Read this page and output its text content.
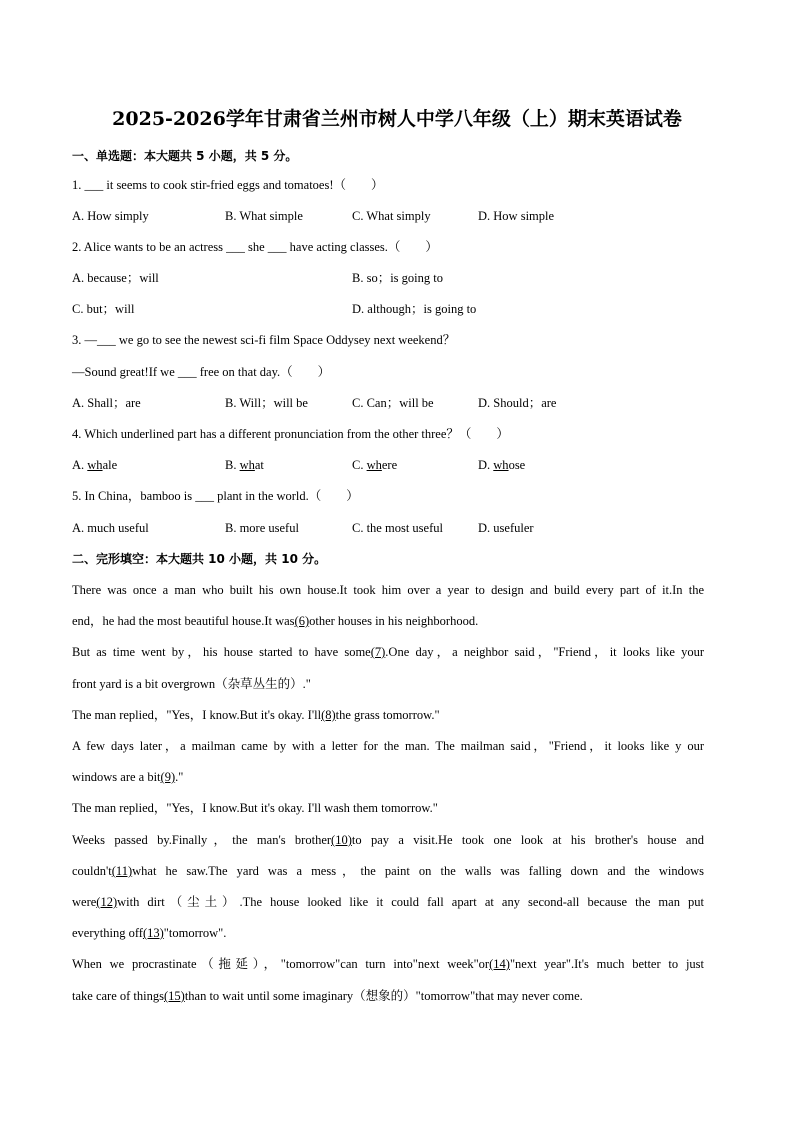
2025-2026学年甘肃省兰州市树人中学八年级（上）期末英语试卷
一、单选题：本大题共 5 小题，共 5 分。
1. ___ it seems to cook stir-fried eggs and tomatoes!（　　）
A. How simply	B. What simple	C. What simply	D. How simple
2. Alice wants to be an actress ___ she ___ have acting classes.（　　）
A. because；will	B. so；is going to
C. but；will	D. although；is going to
3. —___ we go to see the newest sci-fi film Space Oddysey next weekend？
—Sound great!If we ___ free on that day.（　　）
A. Shall；are	B. Will；will be	C. Can；will be	D. Should；are
4. Which underlined part has a different pronunciation from the other three？（　　）
A. whale	B. what	C. where	D. whose
5. In China，bamboo is ___ plant in the world.（　　）
A. much useful	B. more useful	C. the most useful	D. usefuler
二、完形填空：本大题共 10 小题，共 10 分。
There was once a man who built his own house.It took him over a year to design and build every part of it.In the
end，he had the most beautiful house.It was(6)other houses in his neighborhood.
But as time went by，his house started to have some(7).One day，a neighbor said，"Friend，it looks like your
front yard is a bit overgrown（杂草丛生的）."
The man replied，"Yes，I know.But it's okay. I'll(8)the grass tomorrow."
A few days later，a mailman came by with a letter for the man. The mailman said，"Friend，it looks like y our
windows are a bit(9)."
The man replied，"Yes，I know.But it's okay. I'll wash them tomorrow."
Weeks passed by.Finally，the man's brother(10)to pay a visit.He took one look at his brother's house and
couldn't(11)what he saw.The yard was a mess，the paint on the walls was falling down and the windows
were(12)with dirt（尘土）.The house looked like it could fall apart at any second-all because the man put
everything off(13)"tomorrow".
When we procrastinate（拖延），"tomorrow"can turn into"next week"or(14)"next year".It's much better to just
take care of things(15)than to wait until some imaginary（想象的）"tomorrow"that may never come.
